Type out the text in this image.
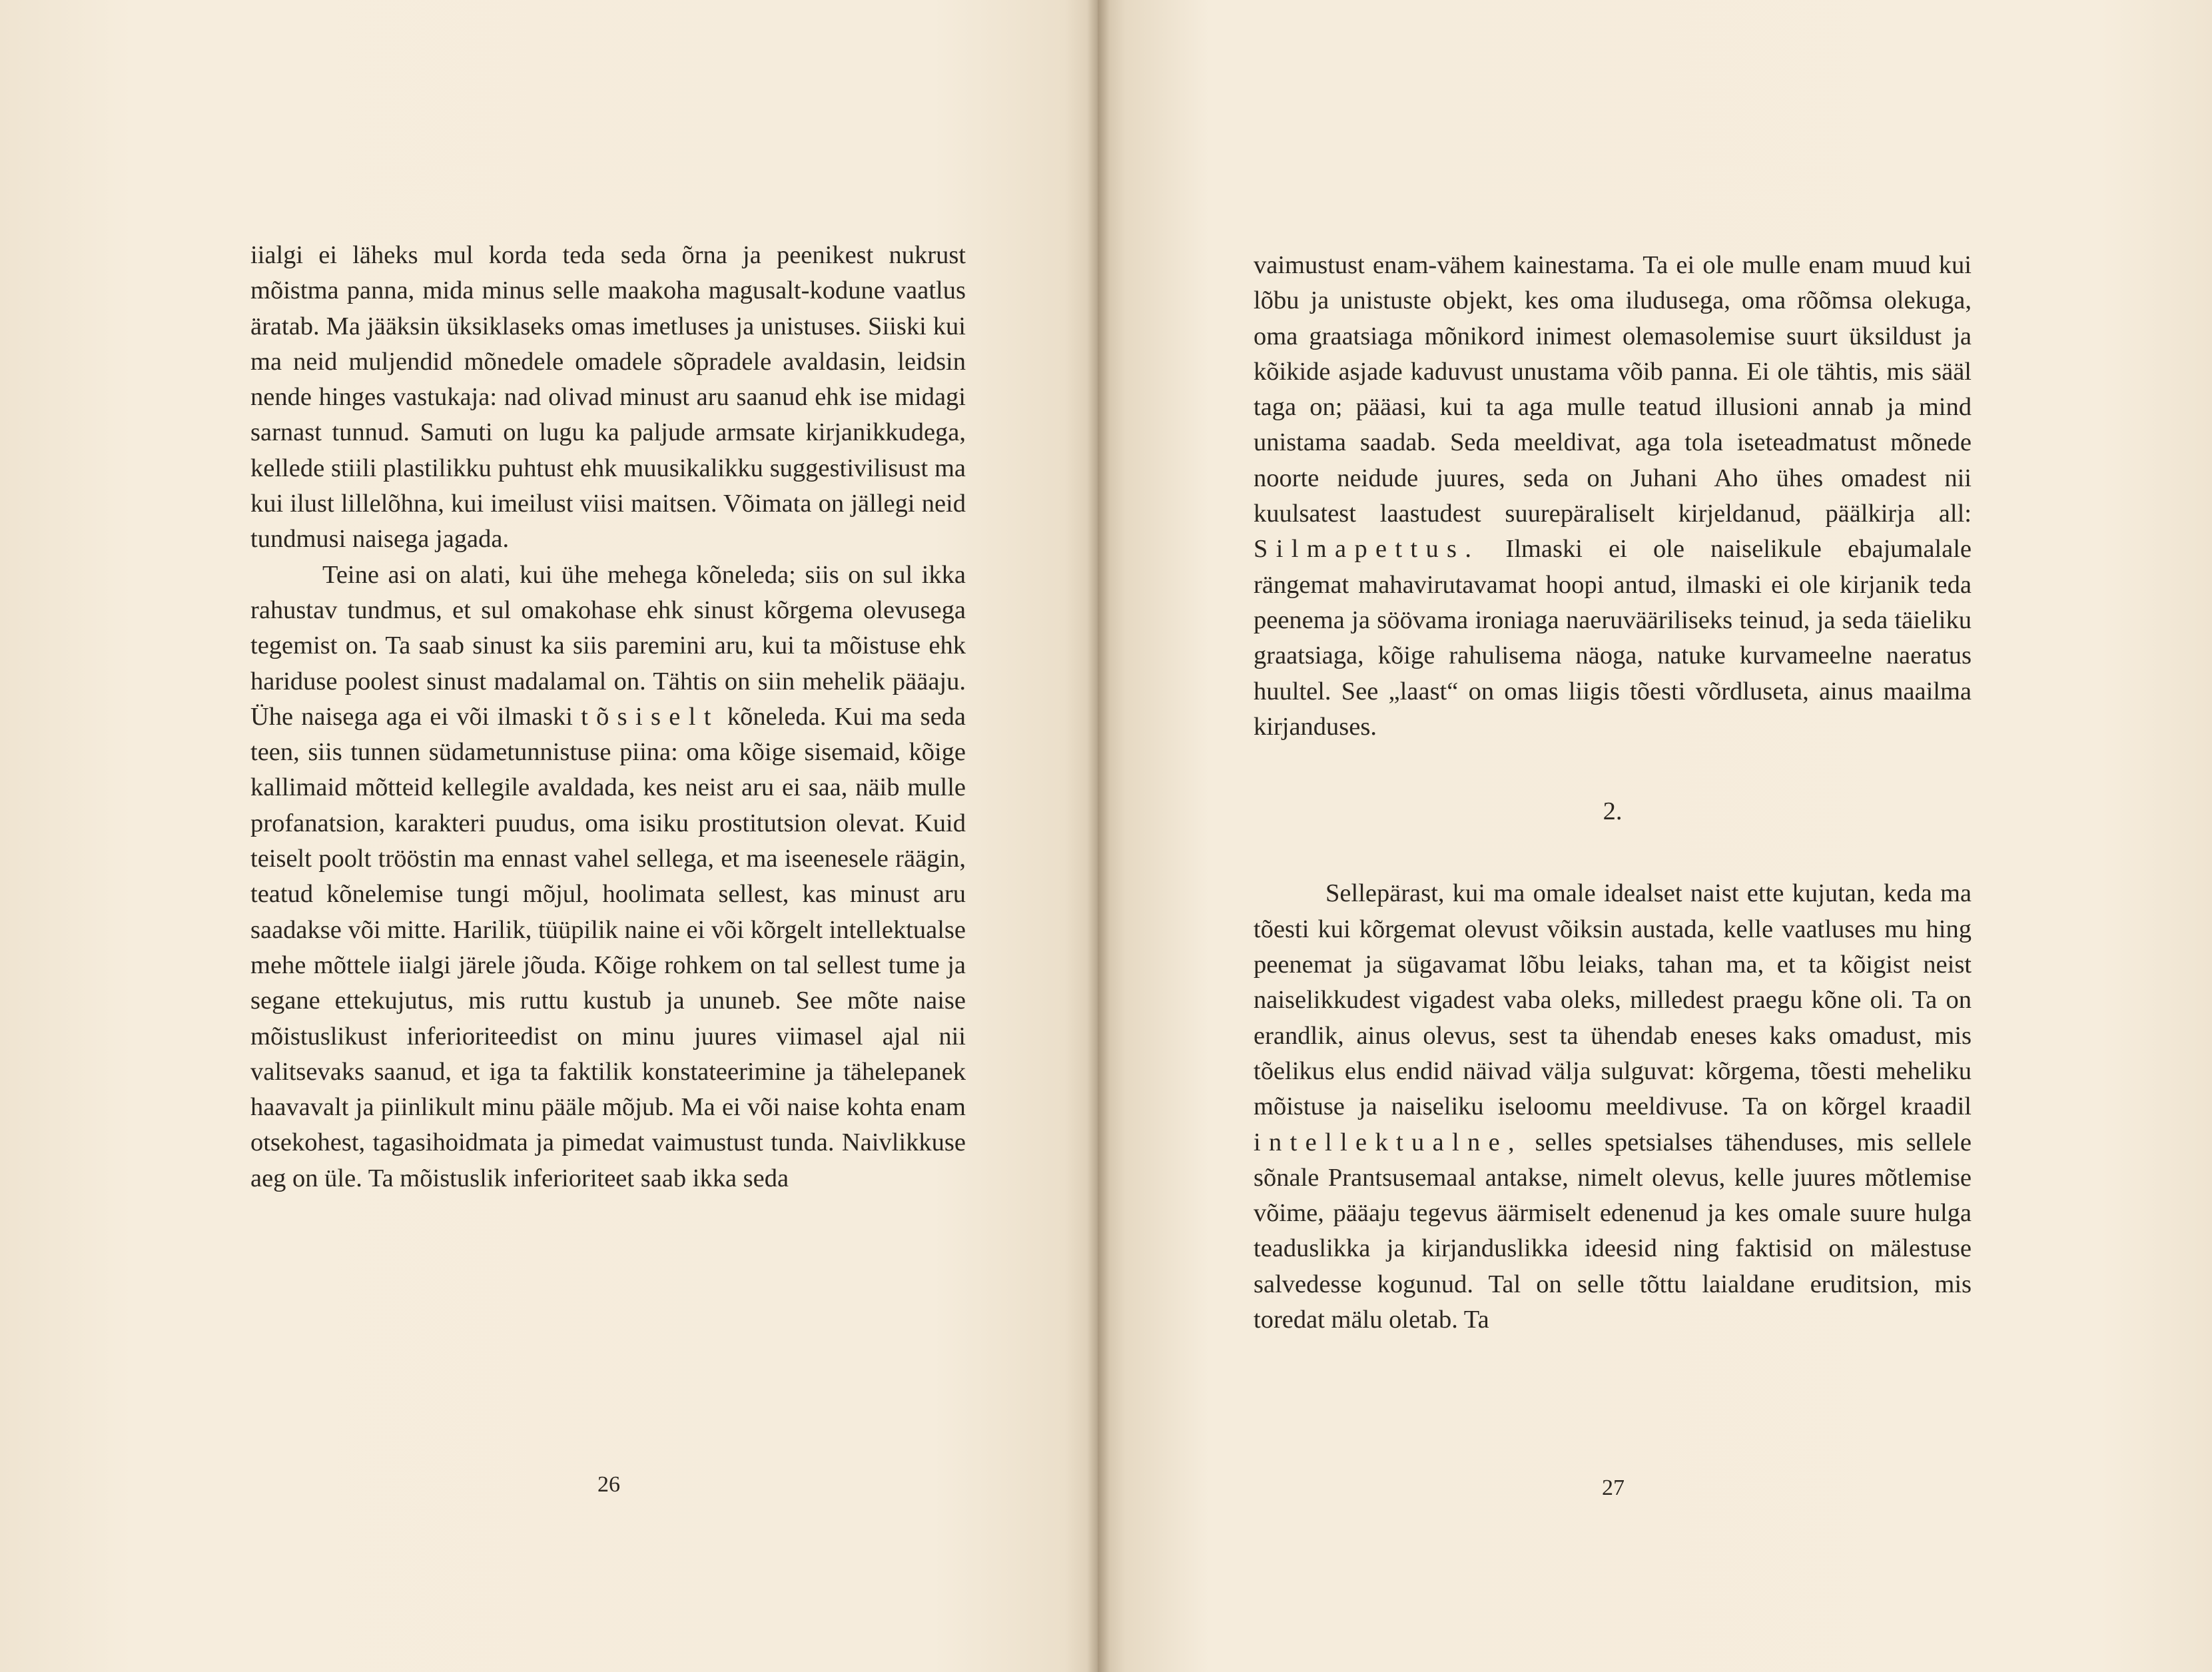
iialgi ei läheks mul korda teda seda õrna ja peenikest nukrust mõistma panna, mida minus selle maakoha magusalt-kodune vaatlus äratab. Ma jääksin üksiklaseks omas imetluses ja unistuses. Siiski kui ma neid muljendid mõnedele omadele sõpradele avaldasin, leidsin nende hinges vastukaja: nad olivad minust aru saanud ehk ise midagi sarnast tunnud. Samuti on lugu ka paljude armsate kirjanikkudega, kellede stiili plastilikku puhtust ehk muusikalikku suggestivilisust ma kui ilust lillelõhna, kui imeilust viisi maitsen. Võimata on jällegi neid tundmusi naisega jagada.

Teine asi on alati, kui ühe mehega kõneleda; siis on sul ikka rahustav tundmus, et sul omakohase ehk sinust kõrgema olevusega tegemist on. Ta saab sinust ka siis paremini aru, kui ta mõistuse ehk hariduse poolest sinust madalamal on. Tähtis on siin mehelik pääaju. Ühe naisega aga ei või ilmaski tõsiselt kõneleda. Kui ma seda teen, siis tunnen südametunnistuse piina: oma kõige sisemaid, kõige kallimaid mõtteid kellegile avaldada, kes neist aru ei saa, näib mulle profanatsion, karakteri puudus, oma isiku prostitutsion olevat. Kuid teiselt poolt trööstin ma ennast vahel sellega, et ma iseenesele räägin, teatud kõnelemise tungi mõjul, hoolimata sellest, kas minust aru saadakse või mitte. Harilik, tüüpilik naine ei või kõrgelt intellektualse mehe mõttele iialgi järele jõuda. Kõige rohkem on tal sellest tume ja segane ettekujutus, mis ruttu kustub ja ununeb. See mõte naise mõistuslikust inferioriteedist on minu juures viimasel ajal nii valitsevaks saanud, et iga ta faktilik konstateerimine ja tähelepanek haavavalt ja piinlikult minu pääle mõjub. Ma ei või naise kohta enam otsekohest, tagasihoidmata ja pimedat vaimustust tunda. Naivlikkuse aeg on üle. Ta mõistuslik inferioriteet saab ikka seda

26

vaimustust enam-vähem kainestama. Ta ei ole mulle enam muud kui lõbu ja unistuste objekt, kes oma iludusega, oma rõõmsa olekuga, oma graatsiaga mõnikord inimest olemasolemise suurt üksildust ja kõikide asjade kaduvust unustama võib panna. Ei ole tähtis, mis sääl taga on; pääasi, kui ta aga mulle teatud illusioni annab ja mind unistama saadab. Seda meeldivat, aga tola iseteadmatust mõnede noorte neidude juures, seda on Juhani Aho ühes omadest nii kuulsatest laastudest suurepäraliselt kirjeldanud, päälkirja all: Silmapettus. Ilmaski ei ole naiselikule ebajumalale rängemat mahavirutavamat hoopi antud, ilmaski ei ole kirjanik teda peenema ja söövama ironiaga naeruvääriliseks teinud, ja seda täieliku graatsiaga, kõige rahulisema näoga, natuke kurvameelne naeratus huultel. See „laast“ on omas liigis tõesti võrdluseta, ainus maailma kirjanduses.

2.

Sellepärast, kui ma omale idealset naist ette kujutan, keda ma tõesti kui kõrgemat olevust võiksin austada, kelle vaatluses mu hing peenemat ja sügavamat lõbu leiaks, tahan ma, et ta kõigist neist naiselikkudest vigadest vaba oleks, milledest praegu kõne oli. Ta on erandlik, ainus olevus, sest ta ühendab eneses kaks omadust, mis tõelikus elus endid näivad välja sulguvat: kõrgema, tõesti meheliku mõistuse ja naiseliku iseloomu meeldivuse. Ta on kõrgel kraadil intellektualne, selles spetsialses tähenduses, mis sellele sõnale Prantsusemaal antakse, nimelt olevus, kelle juures mõtlemise võime, pääaju tegevus äärmiselt edenenud ja kes omale suure hulga teaduslikka ja kirjanduslikka ideesid ning faktisid on mälestuse salvedesse kogunud. Tal on selle tõttu laialdane eruditsion, mis toredat mälu oletab. Ta

27
